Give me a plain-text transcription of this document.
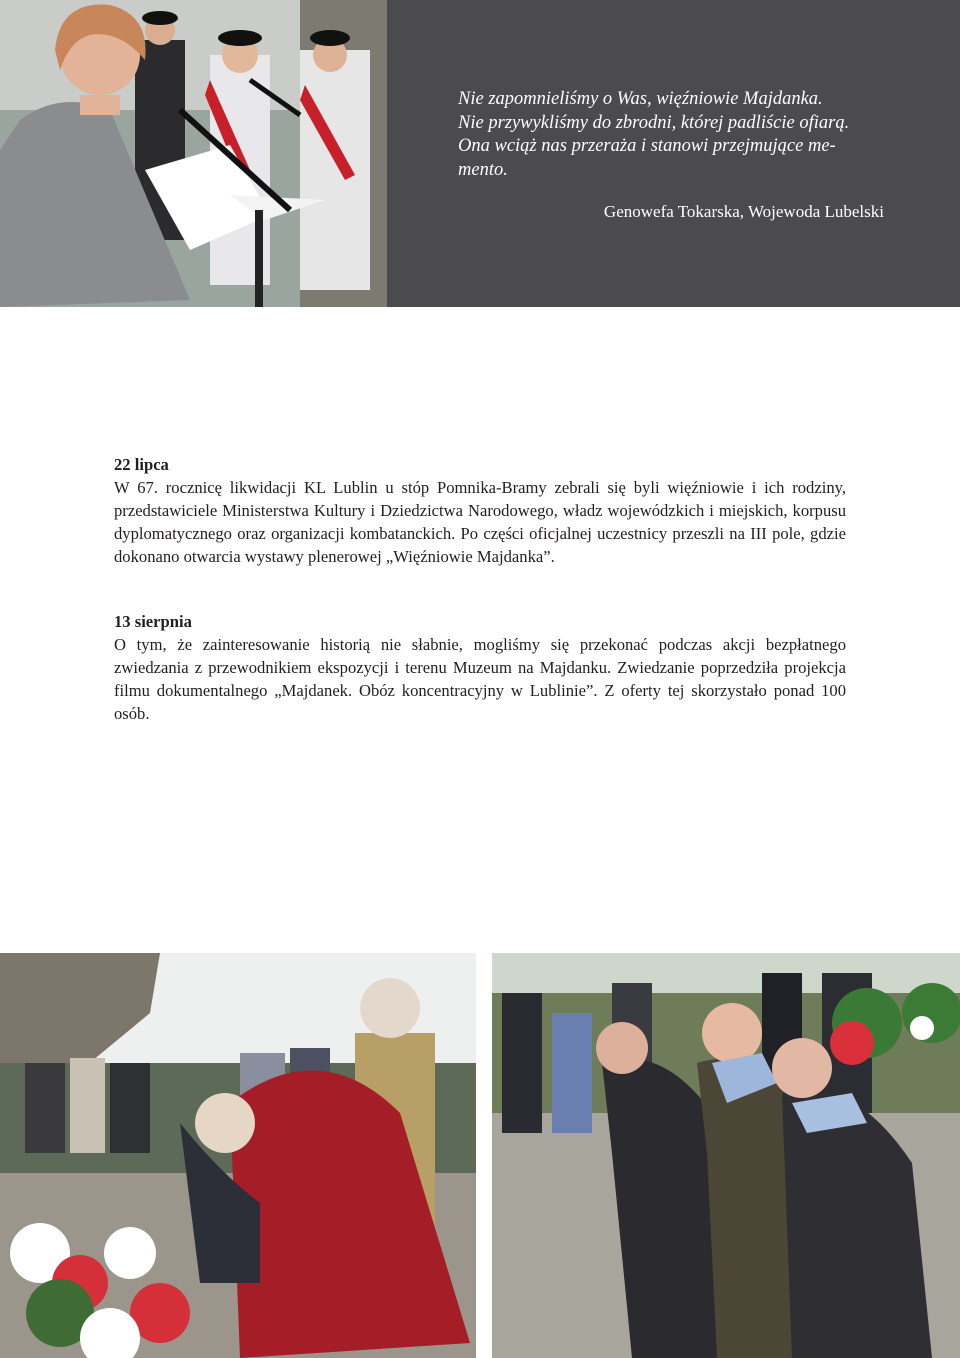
Nie zapomnieliśmy o Was, więźniowie Majdanka.
Nie przywykliśmy do zbrodni, której padliście ofiarą.
Ona wciąż nas przeraża i stanowi przejmujące me-
mento.
Genowefa Tokarska, Wojewoda Lubelski
22 lipca
W 67. rocznicę likwidacji KL Lublin u stóp Pomnika-Bramy zebrali się byli więźniowie i ich rodziny, przedstawiciele Ministerstwa Kultury i Dziedzictwa Narodowego, władz wojewódzkich i miejskich, korpusu dyplomatycznego oraz organizacji kombatanckich. Po części oficjalnej uczestnicy przeszli na III pole, gdzie dokonano otwarcia wystawy plenerowej „Więźniowie Majdanka”.
13 sierpnia
O tym, że zainteresowanie historią nie słabnie, mogliśmy się przekonać podczas akcji bezpłatnego zwiedzania z przewodnikiem ekspozycji i terenu Muzeum na Majdanku. Zwiedzanie poprzedziła projekcja filmu dokumentalnego „Majdanek. Obóz koncentracyjny w Lublinie”. Z oferty tej skorzystało ponad 100 osób.
